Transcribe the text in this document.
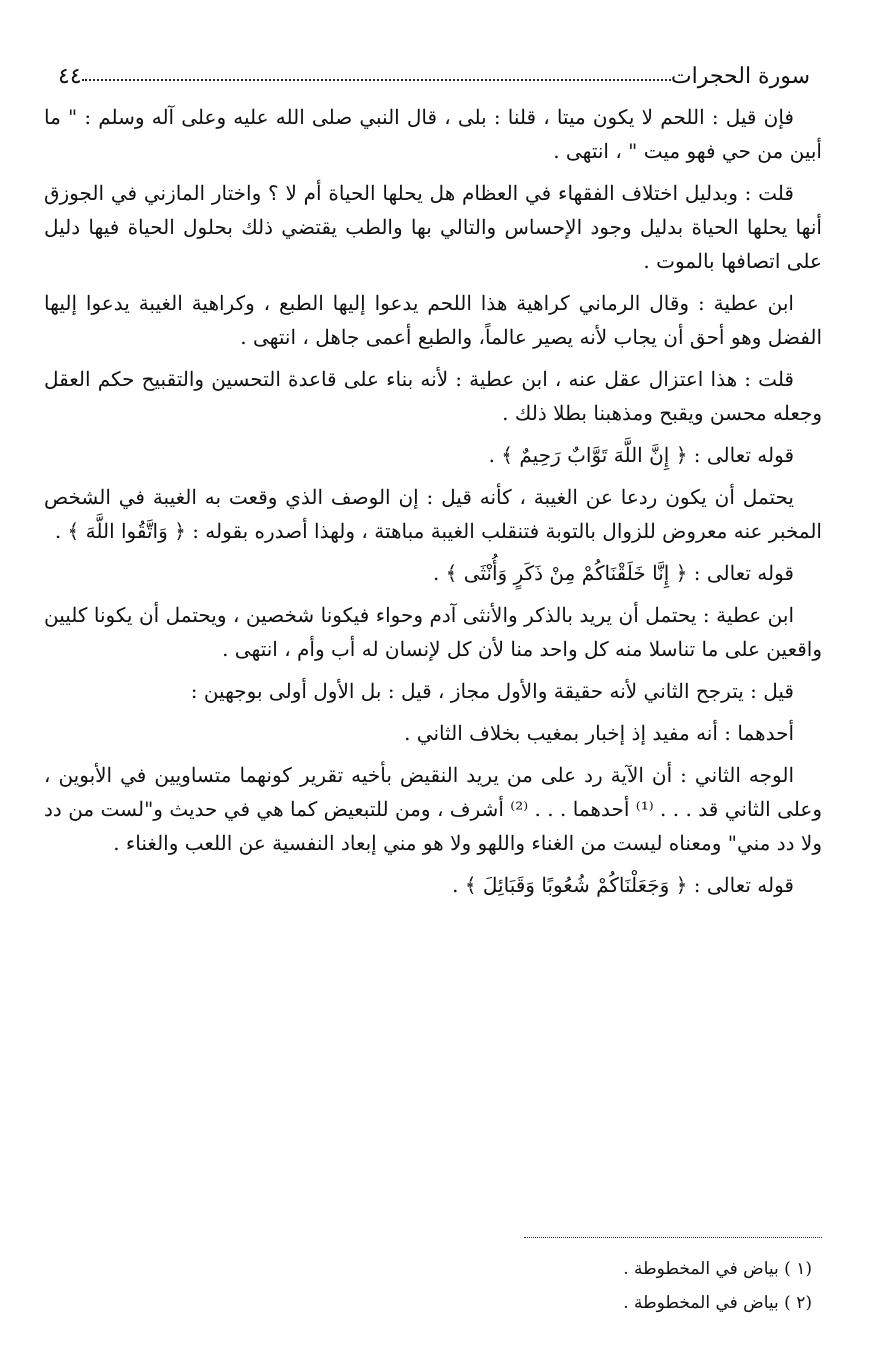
سورة الحجرات
٤٤

فإن قيل : اللحم لا يكون ميتا ، قلنا : بلى ، قال النبي صلى الله عليه وعلى آله وسلم : " ما أبين من حي فهو ميت " ، انتهى .

قلت : وبدليل اختلاف الفقهاء في العظام هل يحلها الحياة أم لا ؟ واختار المازني في الجوزق أنها يحلها الحياة بدليل وجود الإحساس والتالي بها والطب يقتضي ذلك بحلول الحياة فيها دليل على اتصافها بالموت .

ابن عطية : وقال الرماني كراهية هذا اللحم يدعوا إليها الطبع ، وكراهية الغيبة يدعوا إليها الفضل وهو أحق أن يجاب لأنه يصير عالماً، والطبع أعمى جاهل ، انتهى .

قلت : هذا اعتزال عقل عنه ، ابن عطية : لأنه بناء على قاعدة التحسين والتقبيح حكم العقل وجعله محسن ويقبح ومذهبنا بطلا ذلك .

قوله تعالى : ﴿ إِنَّ اللَّهَ تَوَّابٌ رَحِيمٌ ﴾ .

يحتمل أن يكون ردعا عن الغيبة ، كأنه قيل : إن الوصف الذي وقعت به الغيبة في الشخص المخبر عنه معروض للزوال بالتوبة فتنقلب الغيبة مباهتة ، ولهذا أصدره بقوله : ﴿ وَاتَّقُوا اللَّهَ ﴾ .

قوله تعالى : ﴿ إِنَّا خَلَقْنَاكُمْ مِنْ ذَكَرٍ وَأُنْثَى ﴾ .

ابن عطية : يحتمل أن يريد بالذكر والأنثى آدم وحواء فيكونا شخصين ، ويحتمل أن يكونا كليين واقعين على ما تناسلا منه كل واحد منا لأن كل لإنسان له أب وأم ، انتهى .

قيل : يترجح الثاني لأنه حقيقة والأول مجاز ، قيل : بل الأول أولى بوجهين :

أحدهما : أنه مفيد إذ إخبار بمغيب بخلاف الثاني .

الوجه الثاني : أن الآية رد على من يريد النقيض بأخيه تقرير كونهما متساويين في الأبوين ، وعلى الثاني قد . . . ⁽¹⁾ أحدهما . . . ⁽²⁾ أشرف ، ومن للتبعيض كما هي في حديث و"لست من دد ولا دد مني" ومعناه ليست من الغناء واللهو ولا هو مني إبعاد النفسية عن اللعب والغناء .

قوله تعالى : ﴿ وَجَعَلْنَاكُمْ شُعُوبًا وَقَبَائِلَ ﴾ .

(١ ) بياض في المخطوطة .
(٢ ) بياض في المخطوطة .
